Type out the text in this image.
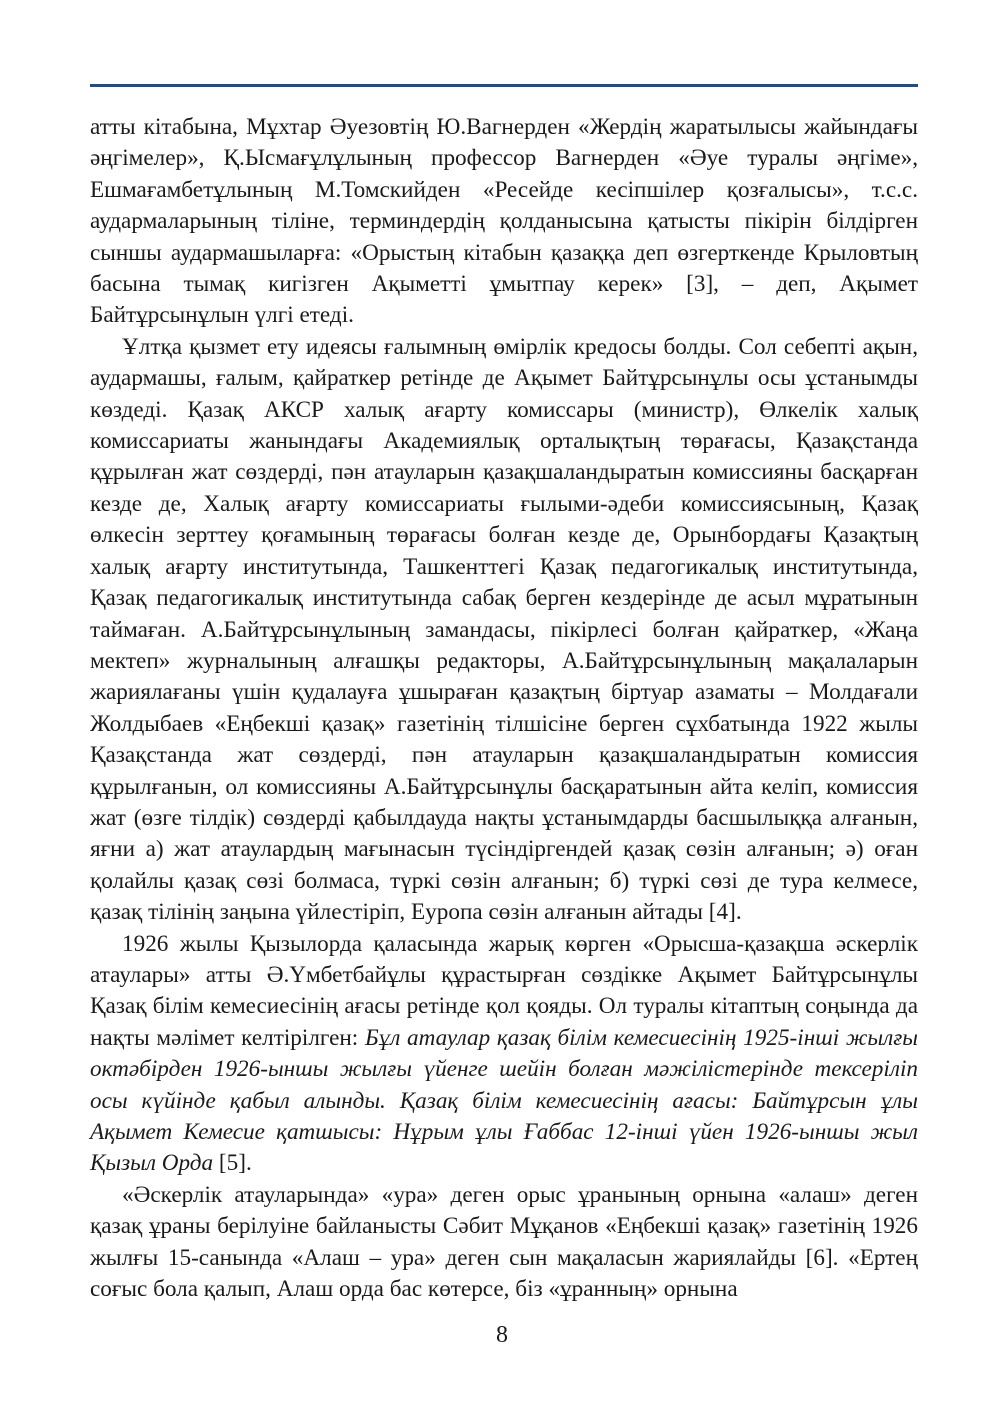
атты кітабына, Мұхтар Әуезовтің Ю.Вагнерден «Жердің жаратылысы жайындағы әңгімелер», Қ.Ысмағұлұлының профессор Вагнерден «Әуе туралы әңгіме», Ешмағамбетұлының М.Томскийден «Ресейде кесіпшілер қозғалысы», т.с.с. аудармаларының тіліне, терминдердің қолданысына қатысты пікірін білдірген сыншы аудармашыларға: «Орыстың кітабын қазаққа деп өзгерткенде Крыловтың басына тымақ кигізген Ақыметті ұмытпау керек» [3], – деп, Ақымет Байтұрсынұлын үлгі етеді.

Ұлтқа қызмет ету идеясы ғалымның өмірлік кредосы болды. Сол себепті ақын, аудармашы, ғалым, қайраткер ретінде де Ақымет Байтұрсынұлы осы ұстанымды көздеді. Қазақ АКСР халық ағарту комиссары (министр), Өлкелік халық комиссариаты жанындағы Академиялық орталықтың төрағасы, Қазақстанда құрылған жат сөздерді, пән атауларын қазақшаландыратын комиссияны басқарған кезде де, Халық ағарту комиссариаты ғылыми-әдеби комиссиясының, Қазақ өлкесін зерттеу қоғамының төрағасы болған кезде де, Орынбордағы Қазақтың халық ағарту институтында, Ташкенттегі Қазақ педагогикалық институтында, Қазақ педагогикалық институтында сабақ берген кездерінде де асыл мұратынын таймаған. А.Байтұрсынұлының замандасы, пікірлесі болған қайраткер, «Жаңа мектеп» журналының алғашқы редакторы, А.Байтұрсынұлының мақалаларын жариялағаны үшін қудалауға ұшыраған қазақтың біртуар азаматы – Молдағали Жолдыбаев «Еңбекші қазақ» газетінің тілшісіне берген сұхбатында 1922 жылы Қазақстанда жат сөздерді, пән атауларын қазақшаландыратын комиссия құрылғанын, ол комиссияны А.Байтұрсынұлы басқаратынын айта келіп, комиссия жат (өзге тілдік) сөздерді қабылдауда нақты ұстанымдарды басшылыққа алғанын, яғни а) жат атаулардың мағынасын түсіндіргендей қазақ сөзін алғанын; ә) оған қолайлы қазақ сөзі болмаса, түркі сөзін алғанын; б) түркі сөзі де тура келмесе, қазақ тілінің заңына үйлестіріп, Еуропа сөзін алғанын айтады [4].

1926 жылы Қызылорда қаласында жарық көрген «Орысша-қазақша әскерлік атаулары» атты Ә.Үмбетбайұлы құрастырған сөздікке Ақымет Байтұрсынұлы Қазақ білім кемесиесінің ағасы ретінде қол қояды. Ол туралы кітаптың соңында да нақты мәлімет келтірілген: Бұл атаулар қазақ білім кемесиесінің 1925-інші жылғы октәбірден 1926-ыншы жылғы үйенге шейін болған мәжілістерінде тексеріліп осы күйінде қабыл алынды. Қазақ білім кемесиесінің ағасы: Байтұрсын ұлы Ақымет Кемесие қатшысы: Нұрым ұлы Ғаббас 12-інші үйен 1926-ыншы жыл Қызыл Орда [5].

«Әскерлік атауларында» «ура» деген орыс ұранының орнына «алаш» деген қазақ ұраны берілуіне байланысты Сәбит Мұқанов «Еңбекші қазақ» газетінің 1926 жылғы 15-санында «Алаш – ура» деген сын мақаласын жариялайды [6]. «Ертең соғыс бола қалып, Алаш орда бас көтерсе, біз «ұранның» орнына

8
